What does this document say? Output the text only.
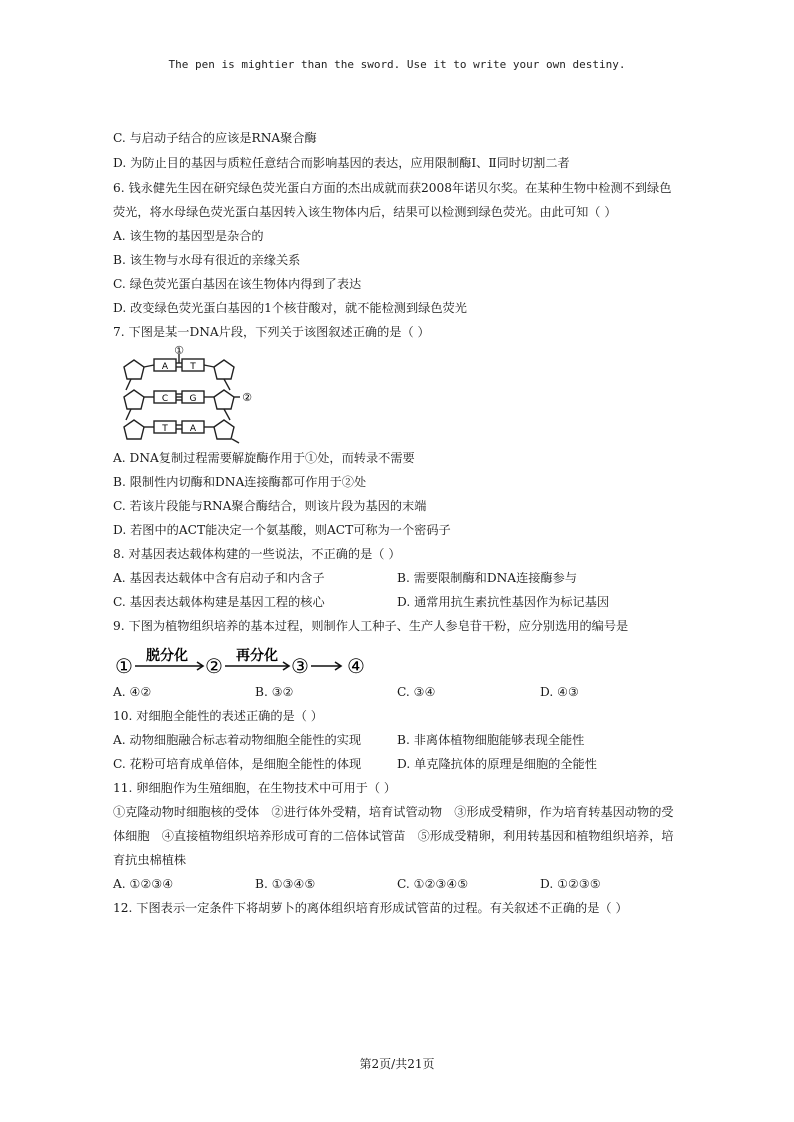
The pen is mightier than the sword. Use it to write your own destiny.
C. 与启动子结合的应该是RNA聚合酶
D. 为防止目的基因与质粒任意结合而影响基因的表达，应用限制酶Ⅰ、Ⅱ同时切割二者
6. 钱永健先生因在研究绿色荧光蛋白方面的杰出成就而获2008年诺贝尔奖。在某种生物中检测不到绿色
荧光，将水母绿色荧光蛋白基因转入该生物体内后，结果可以检测到绿色荧光。由此可知（ ）
A. 该生物的基因型是杂合的
B. 该生物与水母有很近的亲缘关系
C. 绿色荧光蛋白基因在该生物体内得到了表达
D. 改变绿色荧光蛋白基因的1个核苷酸对，就不能检测到绿色荧光
7. 下图是某一DNA片段，下列关于该图叙述正确的是（ ）
A T
C G
T A
①
②
A. DNA复制过程需要解旋酶作用于①处，而转录不需要
B. 限制性内切酶和DNA连接酶都可作用于②处
C. 若该片段能与RNA聚合酶结合，则该片段为基因的末端
D. 若图中的ACT能决定一个氨基酸，则ACT可称为一个密码子
8. 对基因表达载体构建的一些说法，不正确的是（ ）
A. 基因表达载体中含有启动子和内含子	B. 需要限制酶和DNA连接酶参与
C. 基因表达载体构建是基因工程的核心	D. 通常用抗生素抗性基因作为标记基因
9. 下图为植物组织培养的基本过程，则制作人工种子、生产人参皂苷干粉，应分别选用的编号是
①	②	③ ④
脱分化	再分化
A. ④②	B. ③②	C. ③④	D. ④③
10. 对细胞全能性的表述正确的是（ ）
A. 动物细胞融合标志着动物细胞全能性的实现	B. 非离体植物细胞能够表现全能性
C. 花粉可培育成单倍体，是细胞全能性的体现	D. 单克隆抗体的原理是细胞的全能性
11. 卵细胞作为生殖细胞，在生物技术中可用于（ ）
①克隆动物时细胞核的受体　②进行体外受精，培育试管动物　③形成受精卵，作为培育转基因动物的受
体细胞　④直接植物组织培养形成可育的二倍体试管苗　⑤形成受精卵，利用转基因和植物组织培养，培
育抗虫棉植株
A. ①②③④	B. ①③④⑤	C. ①②③④⑤	D. ①②③⑤
12. 下图表示一定条件下将胡萝卜的离体组织培育形成试管苗的过程。有关叙述不正确的是（ ）
第2页/共21页
